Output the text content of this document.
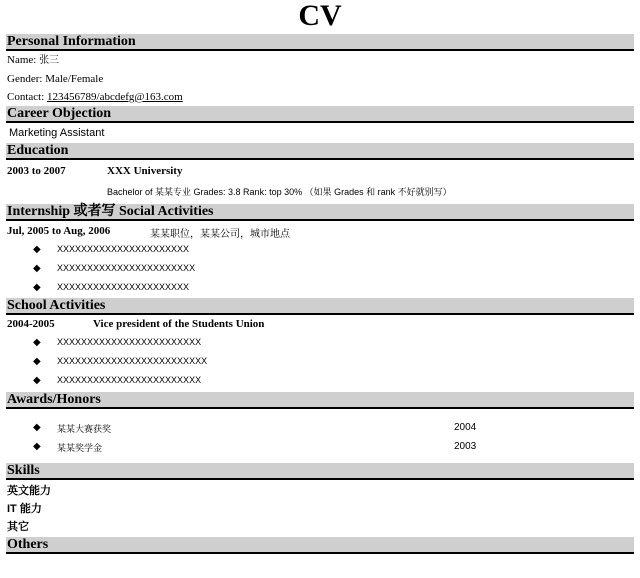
CV
Personal Information
Name: 张三
Gender: Male/Female
Contact: 123456789/abcdefg@163.com
Career Objection
Marketing Assistant
Education
2003 to 2007	XXX University
Bachelor of 某某专业 Grades: 3.8 Rank: top 30% （如果 Grades 和 rank 不好就别写）
Internship 或者写 Social Activities
Jul, 2005 to Aug, 2006	某某职位，某某公司，城市地点
◆ XXXXXXXXXXXXXXXXXXXXXX
◆ XXXXXXXXXXXXXXXXXXXXXXX
◆ XXXXXXXXXXXXXXXXXXXXXX
School Activities
2004-2005	Vice president of the Students Union
◆ XXXXXXXXXXXXXXXXXXXXXXXX
◆ XXXXXXXXXXXXXXXXXXXXXXXXX
◆ XXXXXXXXXXXXXXXXXXXXXXXX
Awards/Honors
◆ 某某大赛获奖	2004
◆ 某某奖学金	2003
Skills
英文能力
IT 能力
其它
Others
